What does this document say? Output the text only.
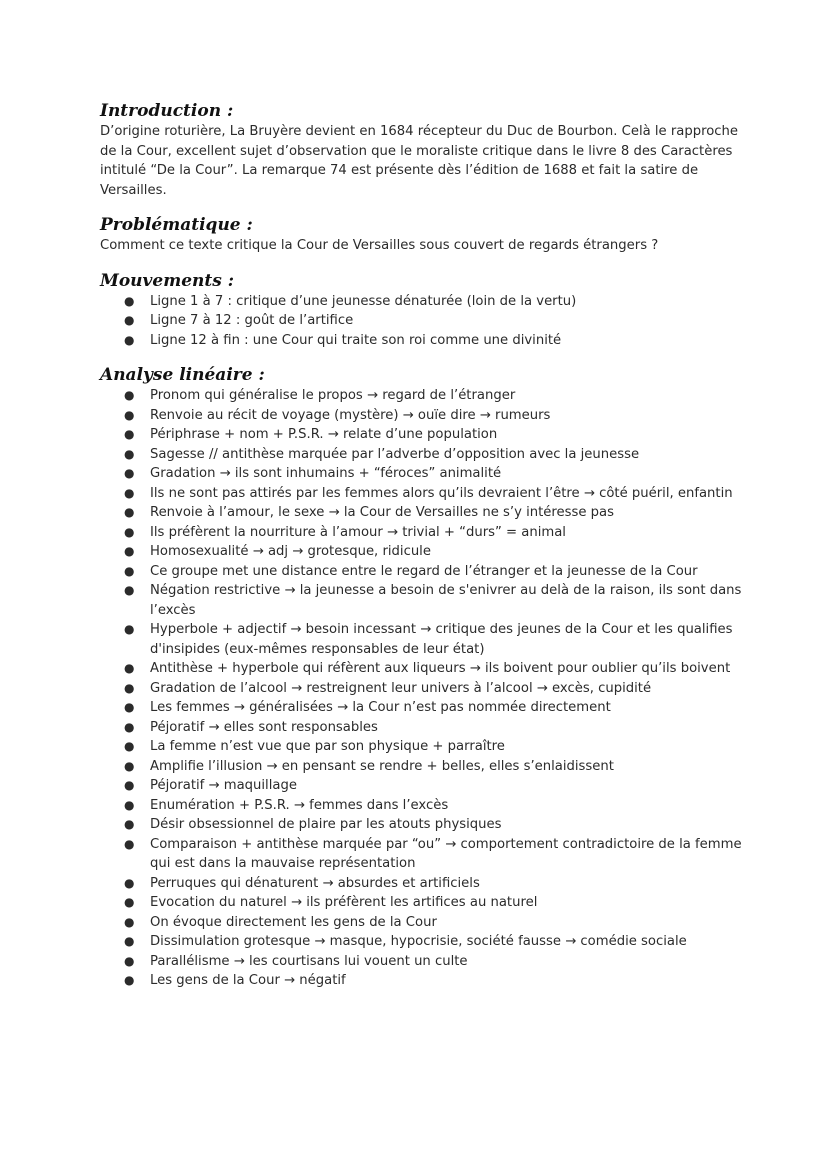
Introduction :

D’origine roturière, La Bruyère devient en 1684 récepteur du Duc de Bourbon. Celà le rapproche de la Cour, excellent sujet d’observation que le moraliste critique dans le livre 8 des Caractères intitulé “De la Cour”. La remarque 74 est présente dès l’édition de 1688 et fait la satire de Versailles.

Problématique :

Comment ce texte critique la Cour de Versailles sous couvert de regards étrangers ?

Mouvements :
● Ligne 1 à 7 : critique d’une jeunesse dénaturée (loin de la vertu)
● Ligne 7 à 12 : goût de l’artifice
● Ligne 12 à fin : une Cour qui traite son roi comme une divinité
Analyse linéaire :
● Pronom qui généralise le propos → regard de l’étranger
● Renvoie au récit de voyage (mystère) → ouïe dire → rumeurs
● Périphrase + nom + P.S.R. → relate d’une population
● Sagesse // antithèse marquée par l’adverbe d’opposition avec la jeunesse
● Gradation → ils sont inhumains + “féroces” animalité
● Ils ne sont pas attirés par les femmes alors qu’ils devraient l’être → côté puéril, enfantin
● Renvoie à l’amour, le sexe → la Cour de Versailles ne s’y intéresse pas
● Ils préfèrent la nourriture à l’amour → trivial + “durs” = animal
● Homosexualité → adj → grotesque, ridicule
● Ce groupe met une distance entre le regard de l’étranger et la jeunesse de la Cour
● Négation restrictive → la jeunesse a besoin de s'enivrer au delà de la raison, ils sont dans l’excès
● Hyperbole + adjectif → besoin incessant → critique des jeunes de la Cour et les qualifies d'insipides (eux-mêmes responsables de leur état)
● Antithèse + hyperbole qui réfèrent aux liqueurs → ils boivent pour oublier qu’ils boivent
● Gradation de l’alcool → restreignent leur univers à l’alcool → excès, cupidité
● Les femmes → généralisées → la Cour n’est pas nommée directement
● Péjoratif → elles sont responsables
● La femme n’est vue que par son physique + parraître
● Amplifie l’illusion → en pensant se rendre + belles, elles s’enlaidissent
● Péjoratif → maquillage
● Enumération + P.S.R. → femmes dans l’excès
● Désir obsessionnel de plaire par les atouts physiques
● Comparaison + antithèse marquée par “ou” → comportement contradictoire de la femme qui est dans la mauvaise représentation
● Perruques qui dénaturent → absurdes et artificiels
● Evocation du naturel → ils préfèrent les artifices au naturel
● On évoque directement les gens de la Cour
● Dissimulation grotesque → masque, hypocrisie, société fausse → comédie sociale
● Parallélisme → les courtisans lui vouent un culte
● Les gens de la Cour → négatif
